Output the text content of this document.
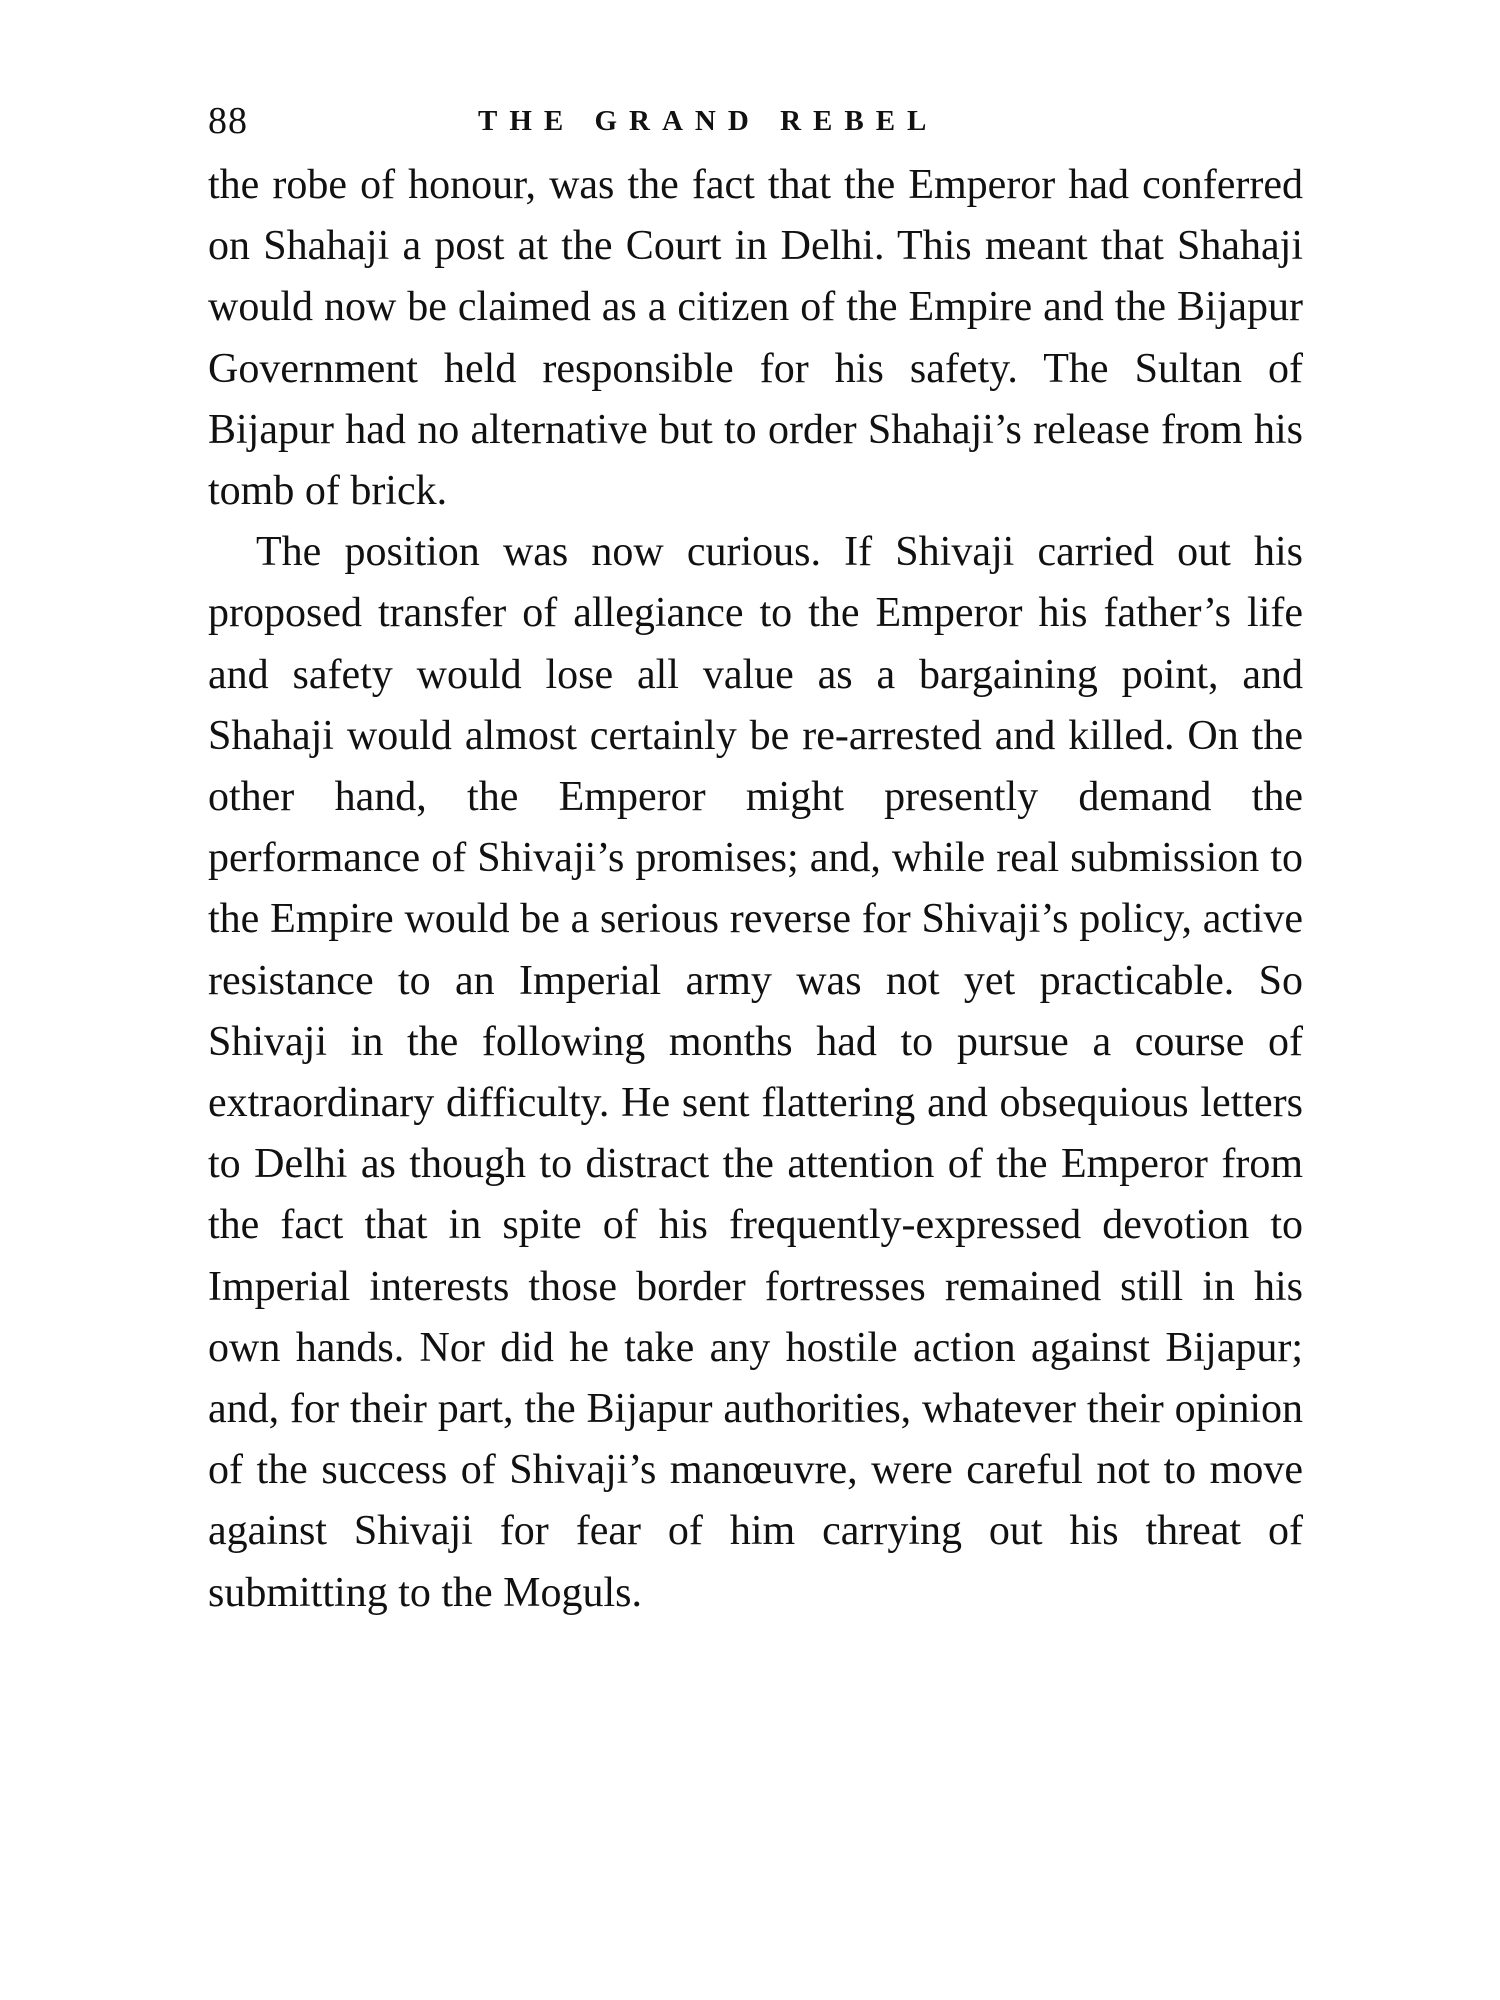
88	THE GRAND REBEL

the robe of honour, was the fact that the Emperor had conferred on Shahaji a post at the Court in Delhi. This meant that Shahaji would now be claimed as a citizen of the Empire and the Bijapur Government held responsible for his safety. The Sultan of Bijapur had no alternative but to order Shahaji’s release from his tomb of brick.

The position was now curious. If Shivaji carried out his proposed transfer of allegiance to the Emperor his father’s life and safety would lose all value as a bargaining point, and Shahaji would almost certainly be re-arrested and killed. On the other hand, the Emperor might presently demand the performance of Shivaji’s promises; and, while real submission to the Empire would be a serious reverse for Shivaji’s policy, active resistance to an Imperial army was not yet practicable. So Shivaji in the following months had to pursue a course of extraordinary difficulty. He sent flattering and obsequious letters to Delhi as though to distract the attention of the Emperor from the fact that in spite of his frequently-expressed devotion to Imperial interests those border fortresses remained still in his own hands. Nor did he take any hostile action against Bijapur; and, for their part, the Bijapur authorities, whatever their opinion of the success of Shivaji’s manœuvre, were careful not to move against Shivaji for fear of him carrying out his threat of submitting to the Moguls.
